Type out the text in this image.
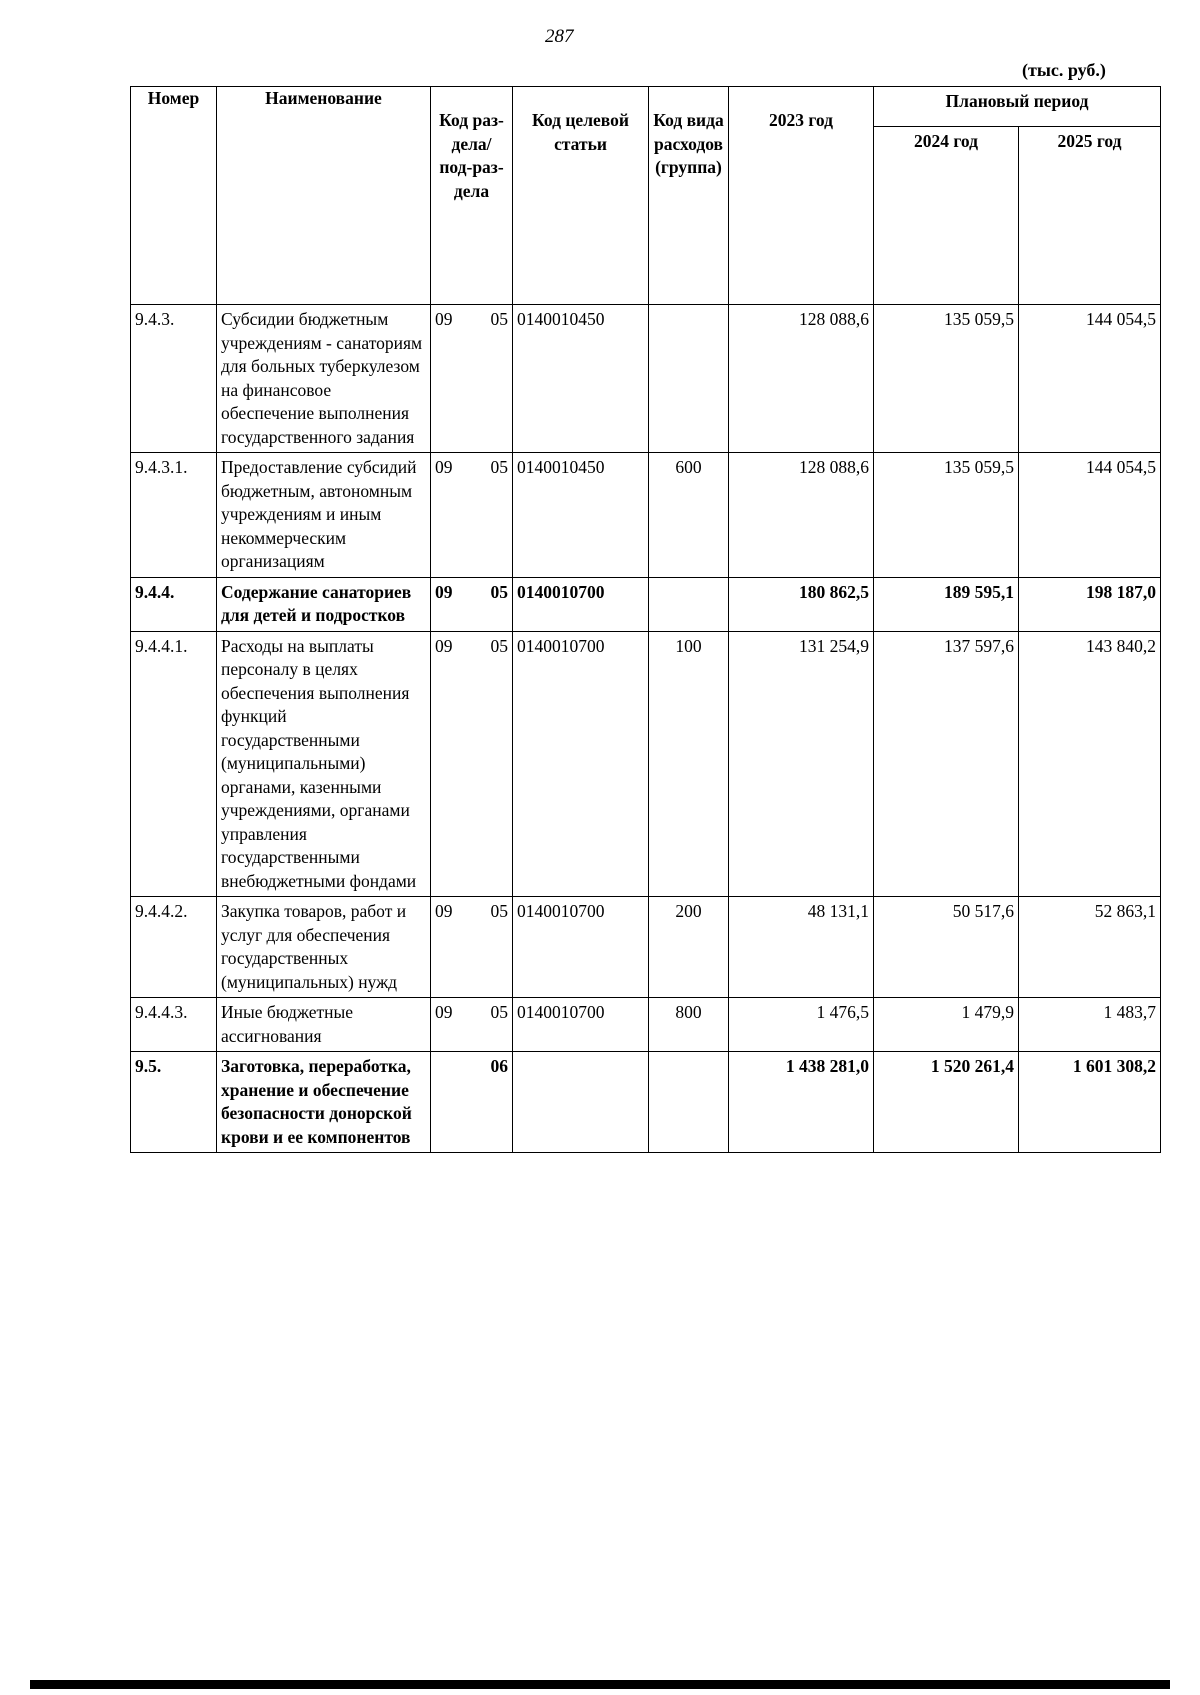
287
(тыс. руб.)
Номер	Наименование	Код раз-дела/ под-раз-дела	Код целевой статьи	Код вида расходов (группа)	2023 год	Плановый период	
						2024 год	2025 год
9.4.3.	Субсидии бюджетным учреждениям - санаториям для больных туберкулезом на финансовое обеспечение выполнения государственного задания	09 05	0140010450		128 088,6	135 059,5	144 054,5
9.4.3.1.	Предоставление субсидий бюджетным, автономным учреждениям и иным некоммерческим организациям	09 05	0140010450	600	128 088,6	135 059,5	144 054,5
9.4.4.	Содержание санаториев для детей и подростков	09 05	0140010700		180 862,5	189 595,1	198 187,0
9.4.4.1.	Расходы на выплаты персоналу в целях обеспечения выполнения функций государственными (муниципальными) органами, казенными учреждениями, органами управления государственными внебюджетными фондами	09 05	0140010700	100	131 254,9	137 597,6	143 840,2
9.4.4.2.	Закупка товаров, работ и услуг для обеспечения государственных (муниципальных) нужд	09 05	0140010700	200	48 131,1	50 517,6	52 863,1
9.4.4.3.	Иные бюджетные ассигнования	09 05	0140010700	800	1 476,5	1 479,9	1 483,7
9.5.	Заготовка, переработка, хранение и обеспечение безопасности донорской крови и ее компонентов	06			1 438 281,0	1 520 261,4	1 601 308,2
